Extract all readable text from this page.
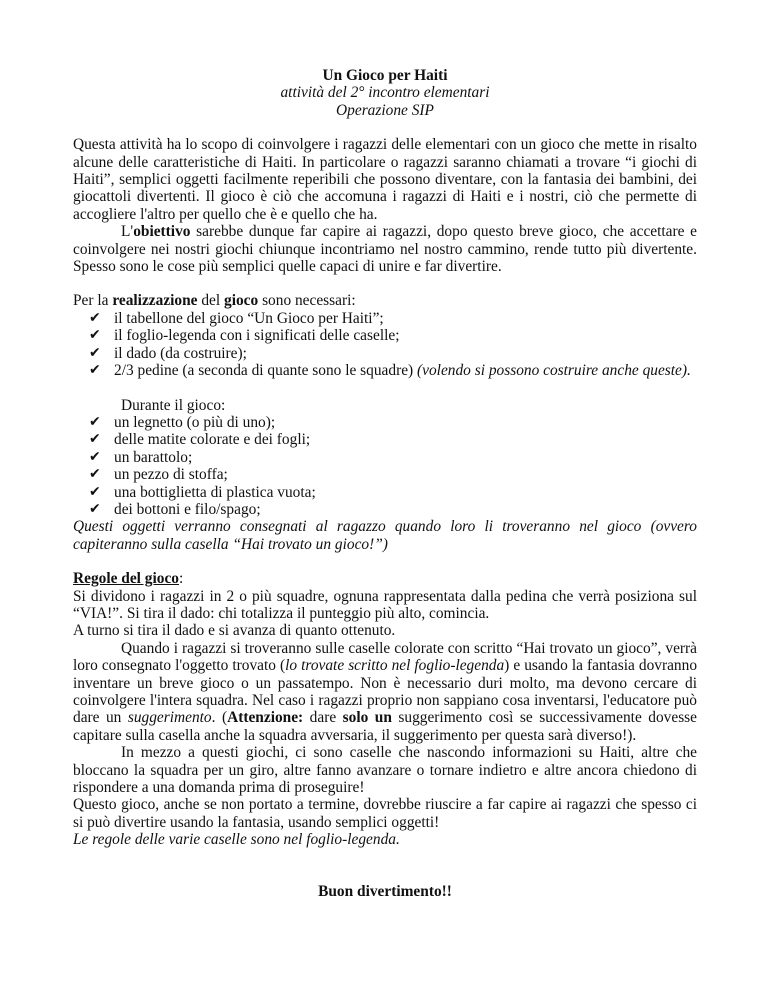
Un Gioco per Haiti
attività del 2° incontro elementari
Operazione SIP

Questa attività ha lo scopo di coinvolgere i ragazzi delle elementari con un gioco che mette in risalto alcune delle caratteristiche di Haiti. In particolare o ragazzi saranno chiamati a trovare “i giochi di Haiti”, semplici oggetti facilmente reperibili che possono diventare, con la fantasia dei bambini, dei giocattoli divertenti. Il gioco è ciò che accomuna i ragazzi di Haiti e i nostri, ciò che permette di accogliere l'altro per quello che è e quello che ha.

L'obiettivo sarebbe dunque far capire ai ragazzi, dopo questo breve gioco, che accettare e coinvolgere nei nostri giochi chiunque incontriamo nel nostro cammino, rende tutto più divertente. Spesso sono le cose più semplici quelle capaci di unire e far divertire.

Per la realizzazione del gioco sono necessari:

✔ il tabellone del gioco “Un Gioco per Haiti”;
✔ il foglio-legenda con i significati delle caselle;
✔ il dado (da costruire);
✔ 2/3 pedine (a seconda di quante sono le squadre) (volendo si possono costruire anche queste).

Durante il gioco:

✔ un legnetto (o più di uno);
✔ delle matite colorate e dei fogli;
✔ un barattolo;
✔ un pezzo di stoffa;
✔ una bottiglietta di plastica vuota;
✔ dei bottoni e filo/spago;

Questi oggetti verranno consegnati al ragazzo quando loro li troveranno nel gioco (ovvero capiteranno sulla casella “Hai trovato un gioco!”)

Regole del gioco:

Si dividono i ragazzi in 2 o più squadre, ognuna rappresentata dalla pedina che verrà posiziona sul “VIA!”. Si tira il dado: chi totalizza il punteggio più alto, comincia.

A turno si tira il dado e si avanza di quanto ottenuto.

Quando i ragazzi si troveranno sulle caselle colorate con scritto “Hai trovato un gioco”, verrà loro consegnato l'oggetto trovato (lo trovate scritto nel foglio-legenda) e usando la fantasia dovranno inventare un breve gioco o un passatempo. Non è necessario duri molto, ma devono cercare di coinvolgere l'intera squadra. Nel caso i ragazzi proprio non sappiano cosa inventarsi, l'educatore può dare un suggerimento. (Attenzione: dare solo un suggerimento così se successivamente dovesse capitare sulla casella anche la squadra avversaria, il suggerimento per questa sarà diverso!).

In mezzo a questi giochi, ci sono caselle che nascondo informazioni su Haiti, altre che bloccano la squadra per un giro, altre fanno avanzare o tornare indietro e altre ancora chiedono di rispondere a una domanda prima di proseguire!

Questo gioco, anche se non portato a termine, dovrebbe riuscire a far capire ai ragazzi che spesso ci si può divertire usando la fantasia, usando semplici oggetti!

Le regole delle varie caselle sono nel foglio-legenda.

Buon divertimento!!
